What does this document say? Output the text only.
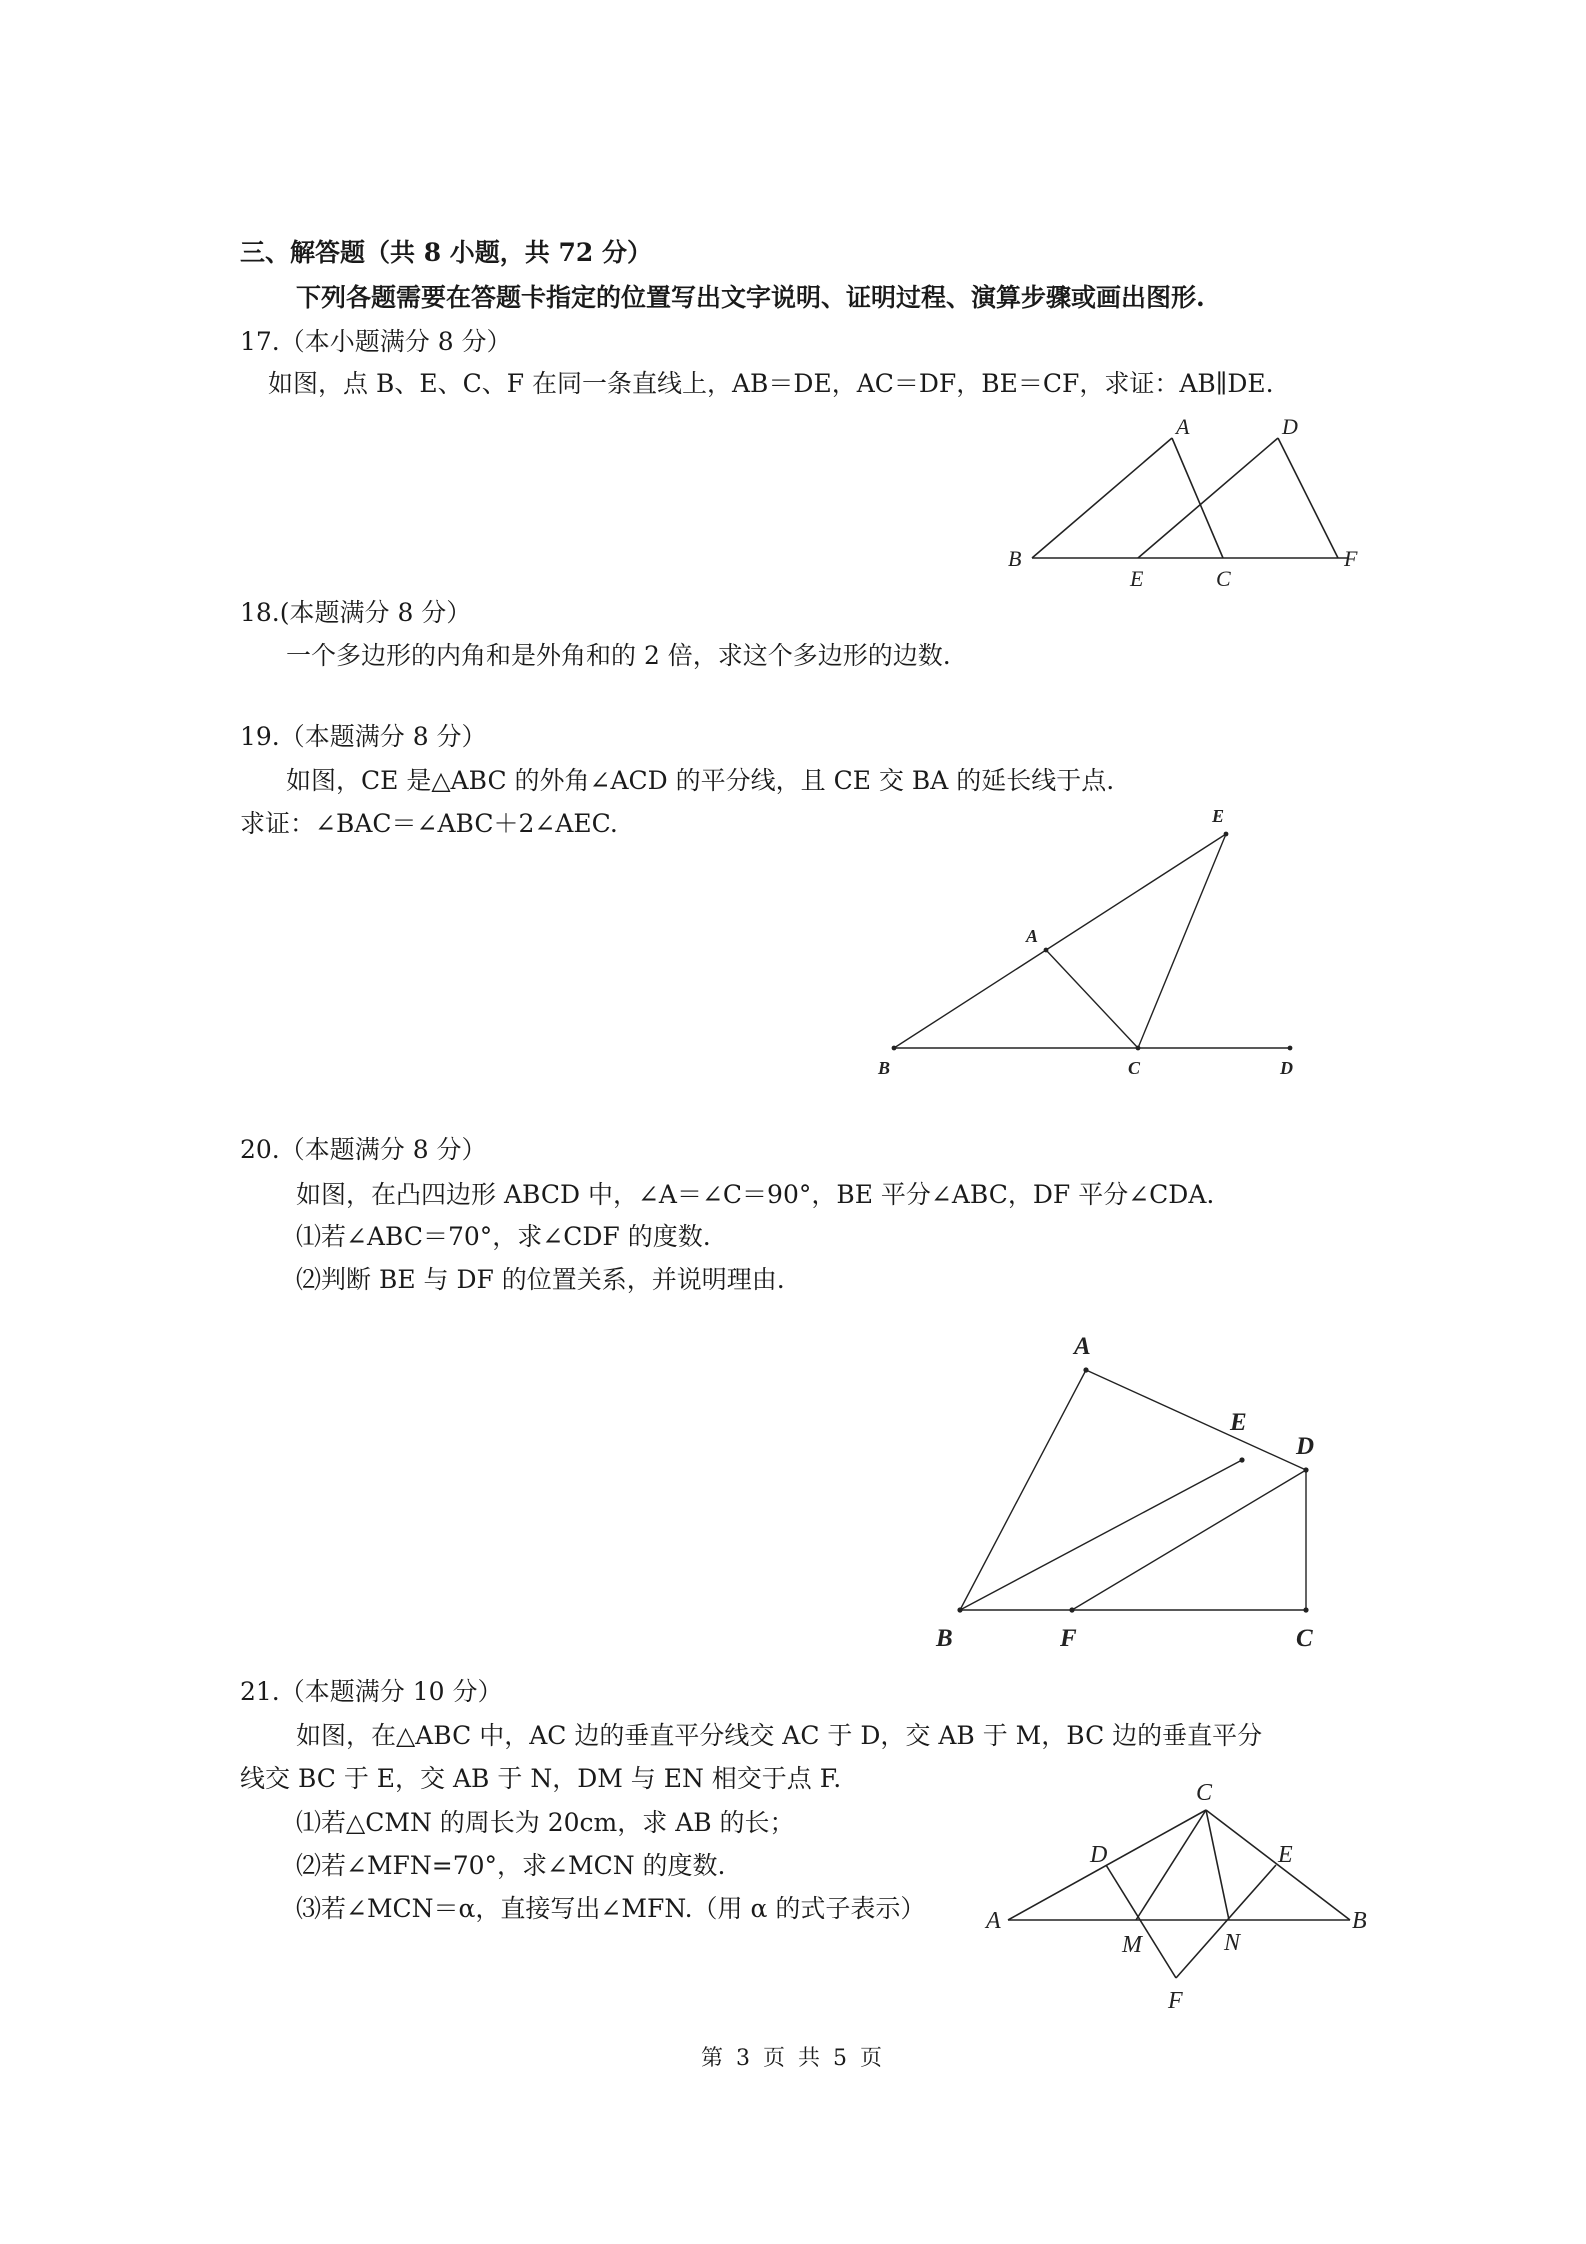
三、解答题（共 8 小题，共 72 分）
下列各题需要在答题卡指定的位置写出文字说明、证明过程、演算步骤或画出图形.
17.（本小题满分 8 分）
如图，点 B、E、C、F 在同一条直线上，AB＝DE，AC＝DF，BE＝CF，求证：AB∥DE.
A	D
B
E	C
F
18.(本题满分 8 分）
一个多边形的内角和是外角和的 2 倍，求这个多边形的边数.
19.（本题满分 8 分）
如图，CE 是△ABC 的外角∠ACD 的平分线，且 CE 交 BA 的延长线于点.
求证：∠BAC＝∠ABC＋2∠AEC.	E
A
B	C	D
20.（本题满分 8 分）
如图，在凸四边形 ABCD 中，∠A＝∠C＝90°，BE 平分∠ABC，DF 平分∠CDA.
⑴若∠ABC＝70°，求∠CDF 的度数.
⑵判断 BE 与 DF 的位置关系，并说明理由.
A
E
D
B	F	C
21.（本题满分 10 分）
如图，在△ABC 中，AC 边的垂直平分线交 AC 于 D，交 AB 于 M，BC 边的垂直平分
线交 BC 于 E，交 AB 于 N，DM 与 EN 相交于点 F.
⑴若△CMN 的周长为 20cm，求 AB 的长；
⑵若∠MFN=70°，求∠MCN 的度数.
⑶若∠MCN＝α，直接写出∠MFN.（用 α 的式子表示）
C
D	E
A
M	N
B
F
第 3 页 共 5 页
